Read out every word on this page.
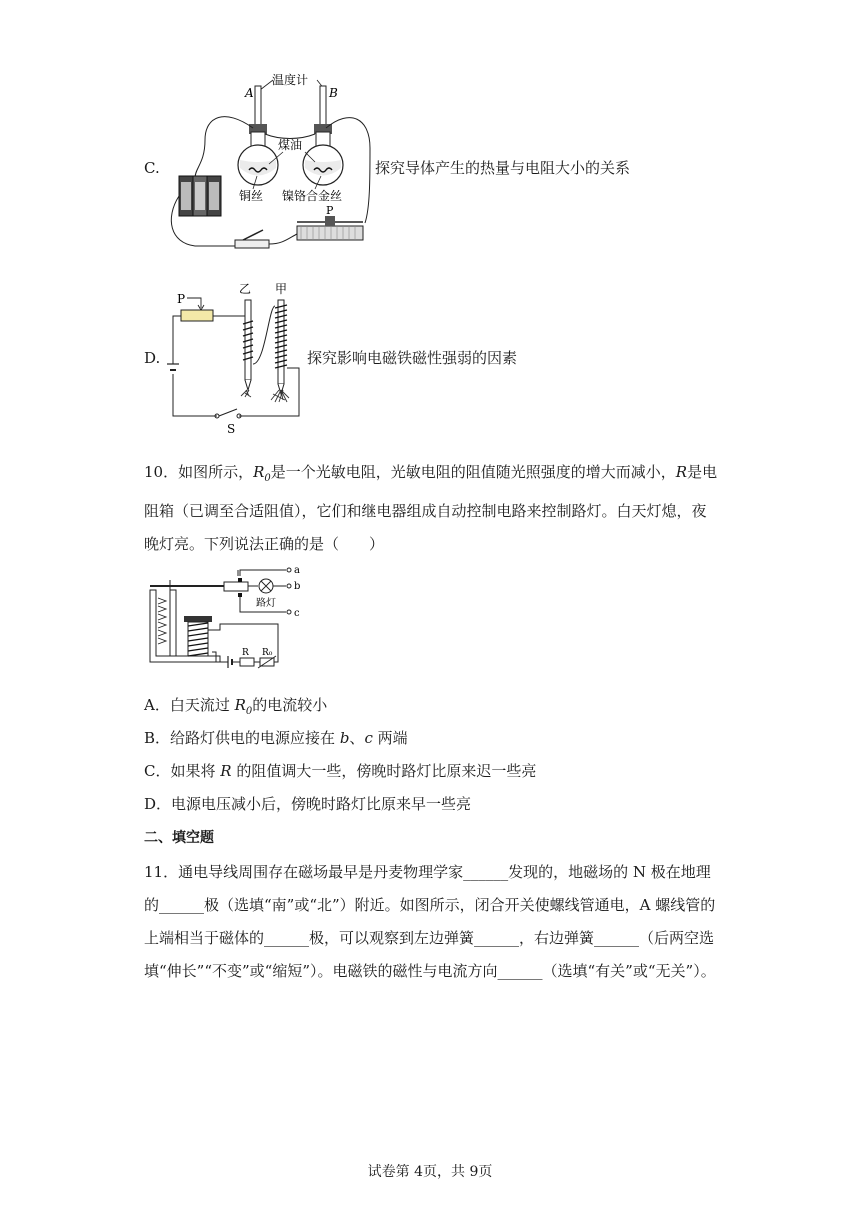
C.
温度计
A	B
煤油
铜丝 镍铬合金丝
P
探究导体产生的热量与电阻大小的关系
D.
P
乙 甲
S
探究影响电磁铁磁性强弱的因素
10．如图所示，$R_0$是一个光敏电阻，光敏电阻的阻值随光照强度的增大而减小，R是电
阻箱（已调至合适阻值），它们和继电器组成自动控制电路来控制路灯。白天灯熄，夜
晚灯亮。下列说法正确的是（　　）
a
b
c
路灯
R R₀
A．白天流过 $R_0$的电流较小
B．给路灯供电的电源应接在 b、c 两端
C．如果将 R 的阻值调大一些，傍晚时路灯比原来迟一些亮
D．电源电压减小后，傍晚时路灯比原来早一些亮
二、填空题
11．通电导线周围存在磁场最早是丹麦物理学家______发现的，地磁场的 N 极在地理
的______极（选填“南”或“北”）附近。如图所示，闭合开关使螺线管通电，A 螺线管的
上端相当于磁体的______极，可以观察到左边弹簧______，右边弹簧______（后两空选
填“伸长”“不变”或“缩短”）。电磁铁的磁性与电流方向______（选填“有关”或“无关”）。
试卷第 4页，共 9页
